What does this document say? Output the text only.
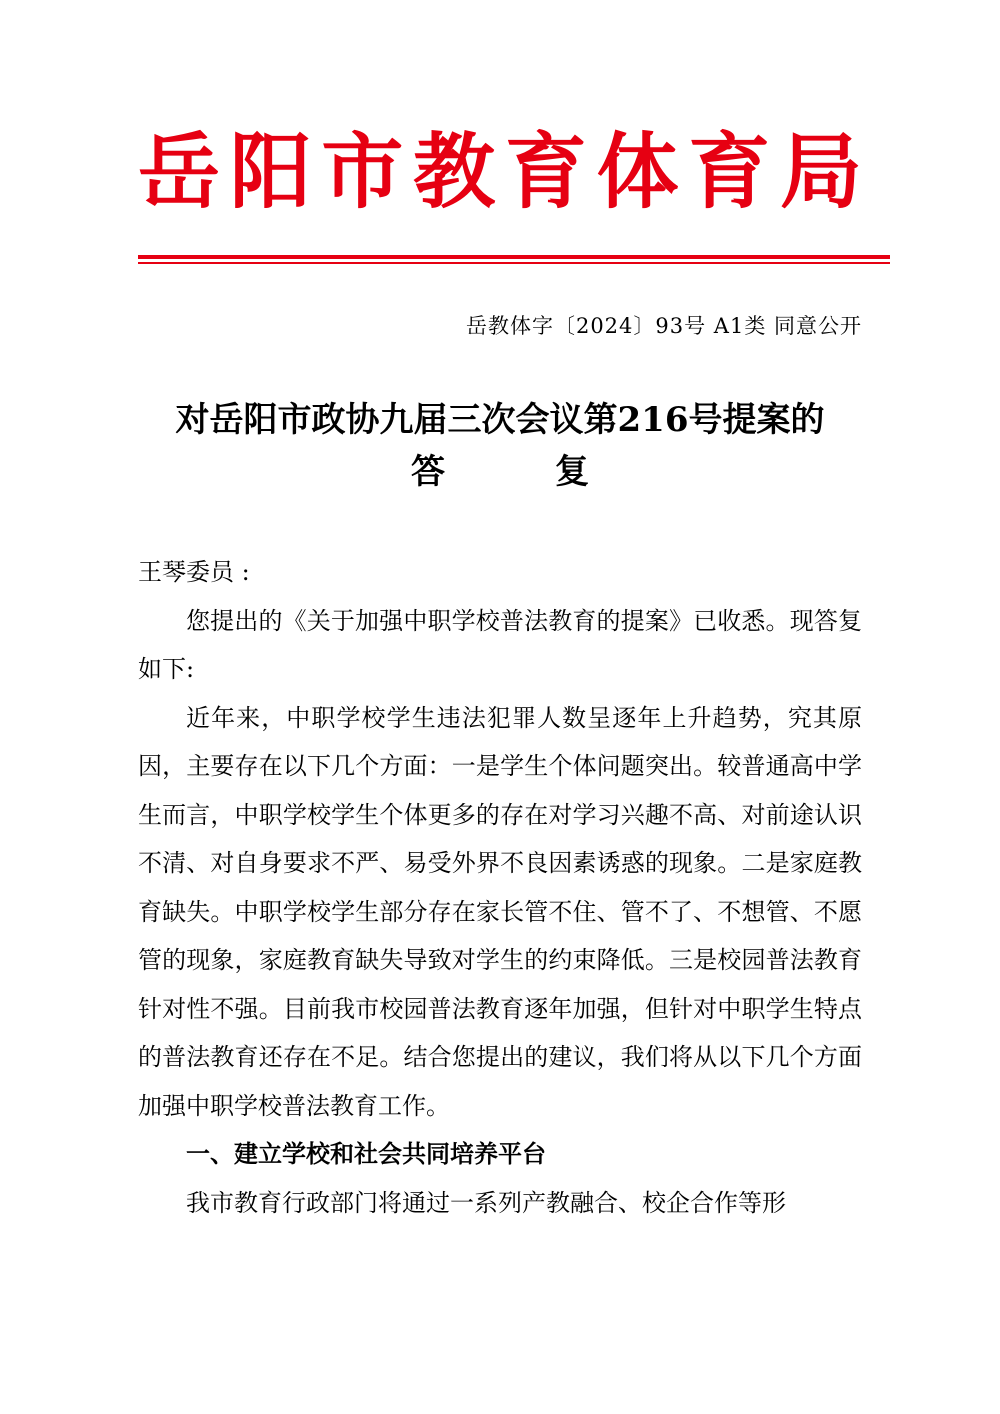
岳阳市教育体育局
岳教体字〔2024〕93号 A1类 同意公开
对岳阳市政协九届三次会议第216号提案的
答复

王琴委员 :

您提出的《关于加强中职学校普法教育的提案》已收悉。现答复如下:

近年来，中职学校学生违法犯罪人数呈逐年上升趋势，究其原因，主要存在以下几个方面：一是学生个体问题突出。较普通高中学生而言，中职学校学生个体更多的存在对学习兴趣不高、对前途认识不清、对自身要求不严、易受外界不良因素诱惑的现象。二是家庭教育缺失。中职学校学生部分存在家长管不住、管不了、不想管、不愿管的现象，家庭教育缺失导致对学生的约束降低。三是校园普法教育针对性不强。目前我市校园普法教育逐年加强，但针对中职学生特点的普法教育还存在不足。结合您提出的建议，我们将从以下几个方面加强中职学校普法教育工作。

一、建立学校和社会共同培养平台

我市教育行政部门将通过一系列产教融合、校企合作等形
